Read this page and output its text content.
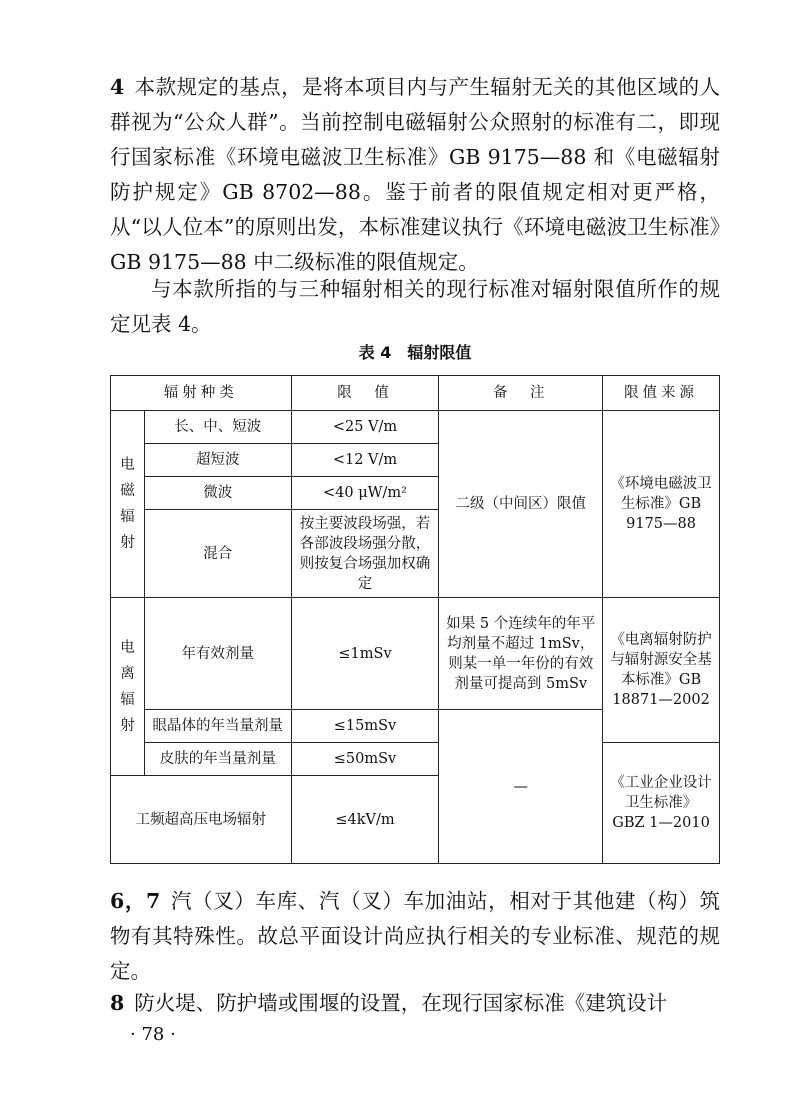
4 本款规定的基点，是将本项目内与产生辐射无关的其他区域的人群视为“公众人群”。当前控制电磁辐射公众照射的标准有二，即现行国家标准《环境电磁波卫生标准》GB 9175—88 和《电磁辐射防护规定》GB 8702—88。鉴于前者的限值规定相对更严格，从“以人位本”的原则出发，本标准建议执行《环境电磁波卫生标准》GB 9175—88 中二级标准的限值规定。

与本款所指的与三种辐射相关的现行标准对辐射限值所作的规定见表 4。

表 4　辐射限值
辐射种类		限　值	备　注	限值来源

电磁辐射	长、中、短波	<25 V/m	二级（中间区）限值	《环境电磁波卫生标准》GB 9175—88
	超短波	<12 V/m		
	微波	<40 μW/m²		
	混合	按主要波段场强，若各部波段场强分散，则按复合场强加权确定		

电离辐射	年有效剂量	≤1mSv	如果 5 个连续年的年平均剂量不超过 1mSv，则某一单一年份的有效剂量可提高到 5mSv	《电离辐射防护与辐射源安全基本标准》GB 18871—2002
	眼晶体的年当量剂量	≤15mSv	—	
	皮肤的年当量剂量	≤50mSv		《工业企业设计卫生标准》GBZ 1—2010
工频超高压电场辐射		≤4kV/m		

6，7 汽（叉）车库、汽（叉）车加油站，相对于其他建（构）筑物有其特殊性。故总平面设计尚应执行相关的专业标准、规范的规定。

8 防火堤、防护墙或围堰的设置，在现行国家标准《建筑设计

· 78 ·
